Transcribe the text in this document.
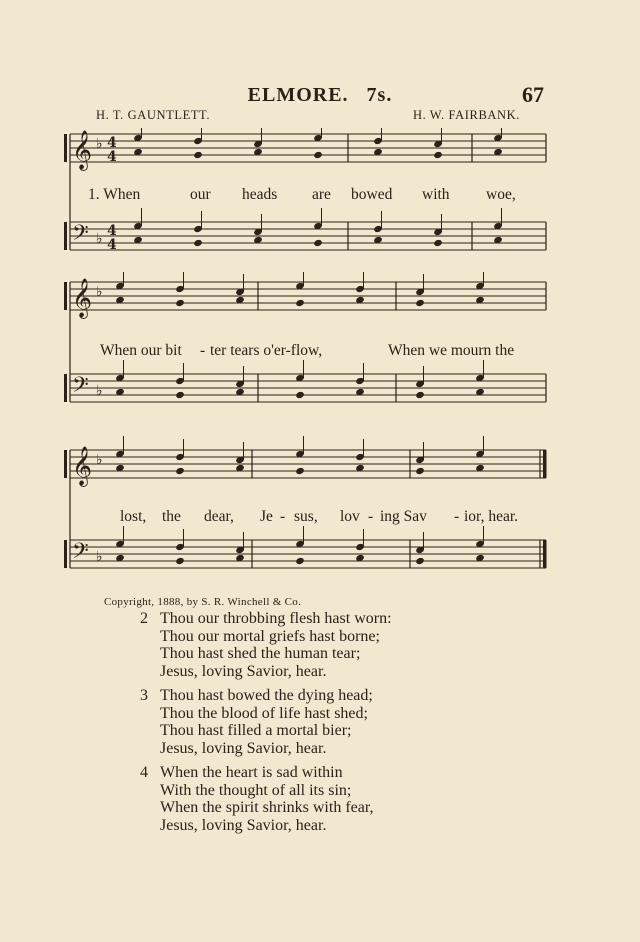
ELMORE. 7s.	67
H. T. GAUNTLETT.	H. W. FAIRBANK.
𝄞 ♭ 4
4
𝄢 ♭ 4
4
1. When	our heads are bowed with woe,
𝄞 ♭
𝄢 ♭
When our bit - ter tears o'er-flow,	When we mourn the
𝄞 ♭
𝄢 ♭
lost, the dear, Je - sus, lov - ing Sav - ior, hear.
Copyright, 1888, by S. R. Winchell & Co.
2 Thou our throbbing flesh hast worn:
Thou our mortal griefs hast borne;
Thou hast shed the human tear;
Jesus, loving Savior, hear.
3 Thou hast bowed the dying head;
Thou the blood of life hast shed;
Thou hast filled a mortal bier;
Jesus, loving Savior, hear.
4 When the heart is sad within
With the thought of all its sin;
When the spirit shrinks with fear,
Jesus, loving Savior, hear.
